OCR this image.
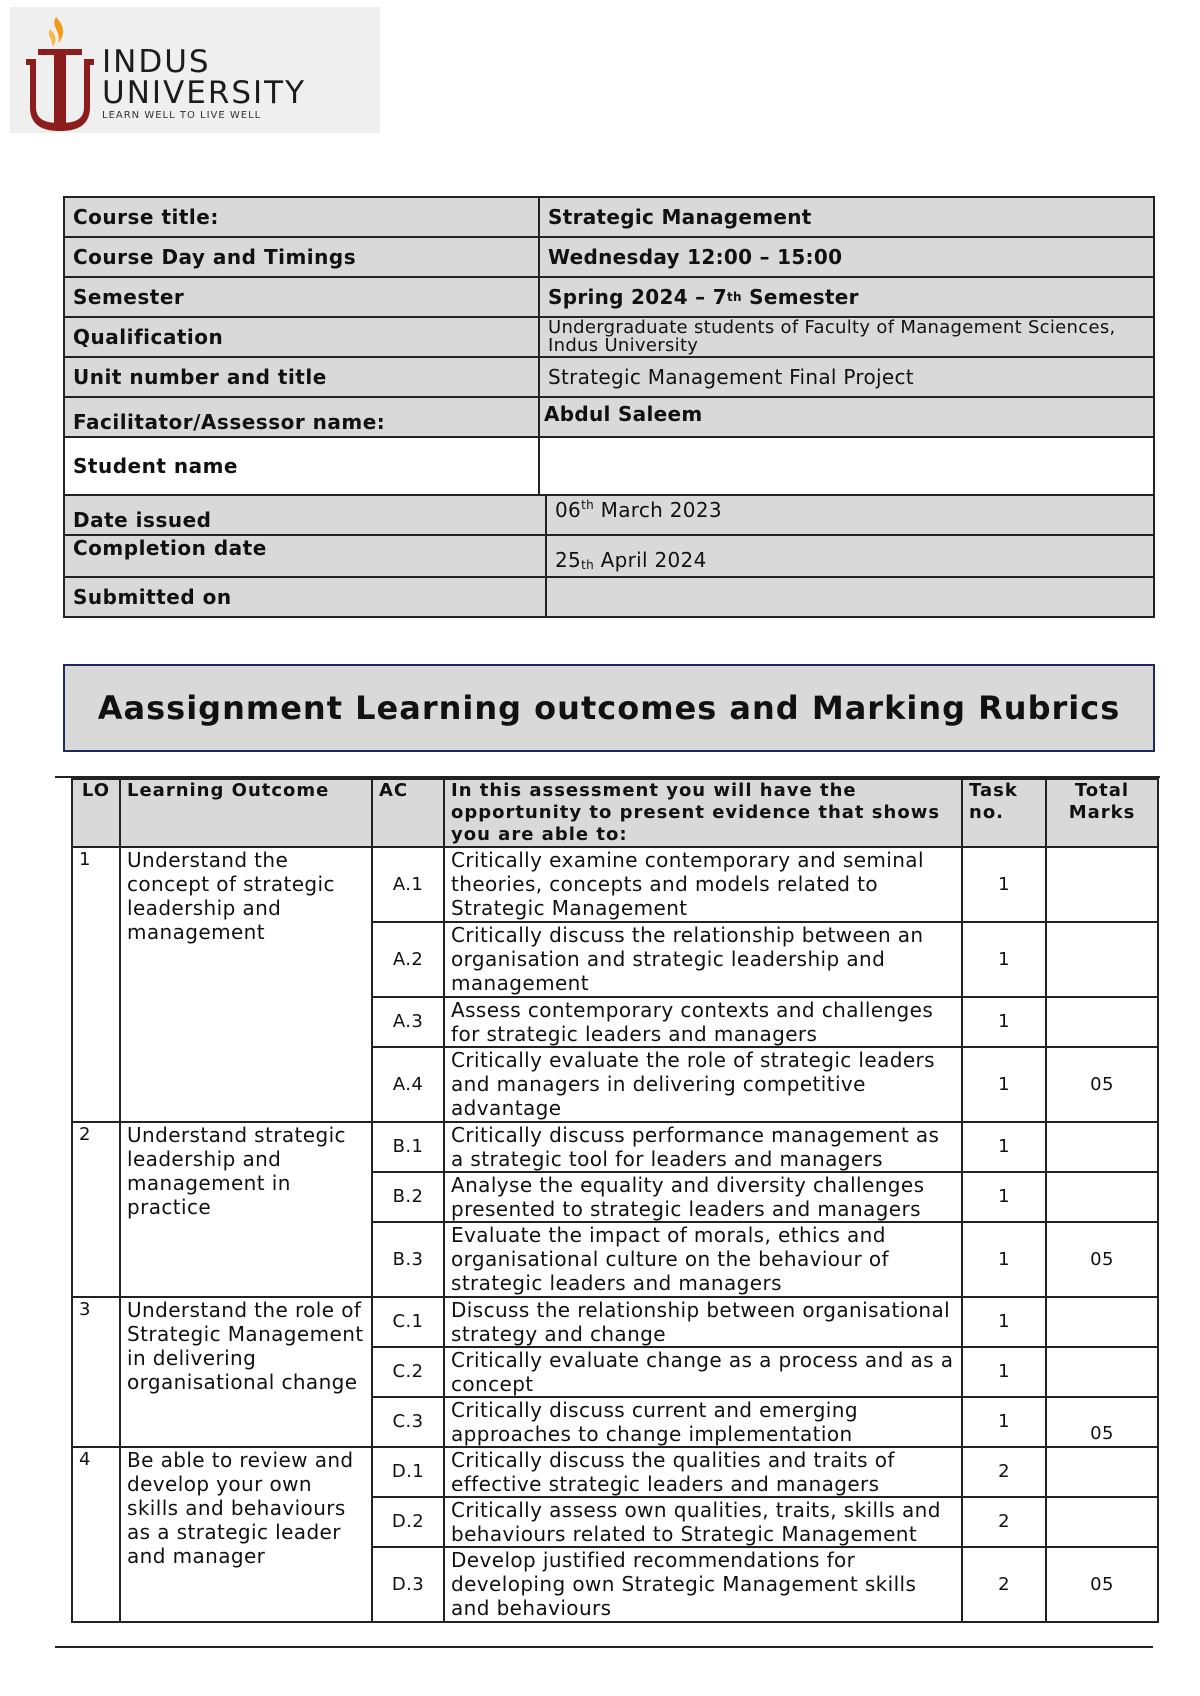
INDUS
UNIVERSITY
LEARN WELL TO LIVE WELL
Course title:	Strategic Management
Course Day and Timings	Wednesday 12:00 – 15:00
Semester	Spring 2024 – 7 th Semester
Qualification	Undergraduate students of Faculty of Management Sciences, Indus University
Unit number and title	Strategic Management Final Project
Facilitator/Assessor name:	Abdul Saleem
Student name
Date issued	06th March 2023
Completion date	$25_{th}$ April 2024
Submitted on
Aassignment Learning outcomes and Marking Rubrics
LO	Learning Outcome	AC	In this assessment you will have the opportunity to present evidence that shows you are able to:	Task no.	Total Marks
1	Understand the concept of strategic leadership and management	A.1	Critically examine contemporary and seminal theories, concepts and models related to Strategic Management	1	
		A.2	Critically discuss the relationship between an organisation and strategic leadership and management	1	
		A.3	Assess contemporary contexts and challenges for strategic leaders and managers	1	
		A.4	Critically evaluate the role of strategic leaders and managers in delivering competitive advantage	1	05
2	Understand strategic leadership and management in practice	B.1	Critically discuss performance management as a strategic tool for leaders and managers	1	
		B.2	Analyse the equality and diversity challenges presented to strategic leaders and managers	1	
		B.3	Evaluate the impact of morals, ethics and organisational culture on the behaviour of strategic leaders and managers	1	05
3	Understand the role of Strategic Management in delivering organisational change	C.1	Discuss the relationship between organisational strategy and change	1	
		C.2	Critically evaluate change as a process and as a concept	1	
		C.3	Critically discuss current and emerging approaches to change implementation	1	05
4	Be able to review and develop your own skills and behaviours as a strategic leader and manager	D.1	Critically discuss the qualities and traits of effective strategic leaders and managers	2	
		D.2	Critically assess own qualities, traits, skills and behaviours related to Strategic Management	2	
		D.3	Develop justified recommendations for developing own Strategic Management skills and behaviours	2	05
